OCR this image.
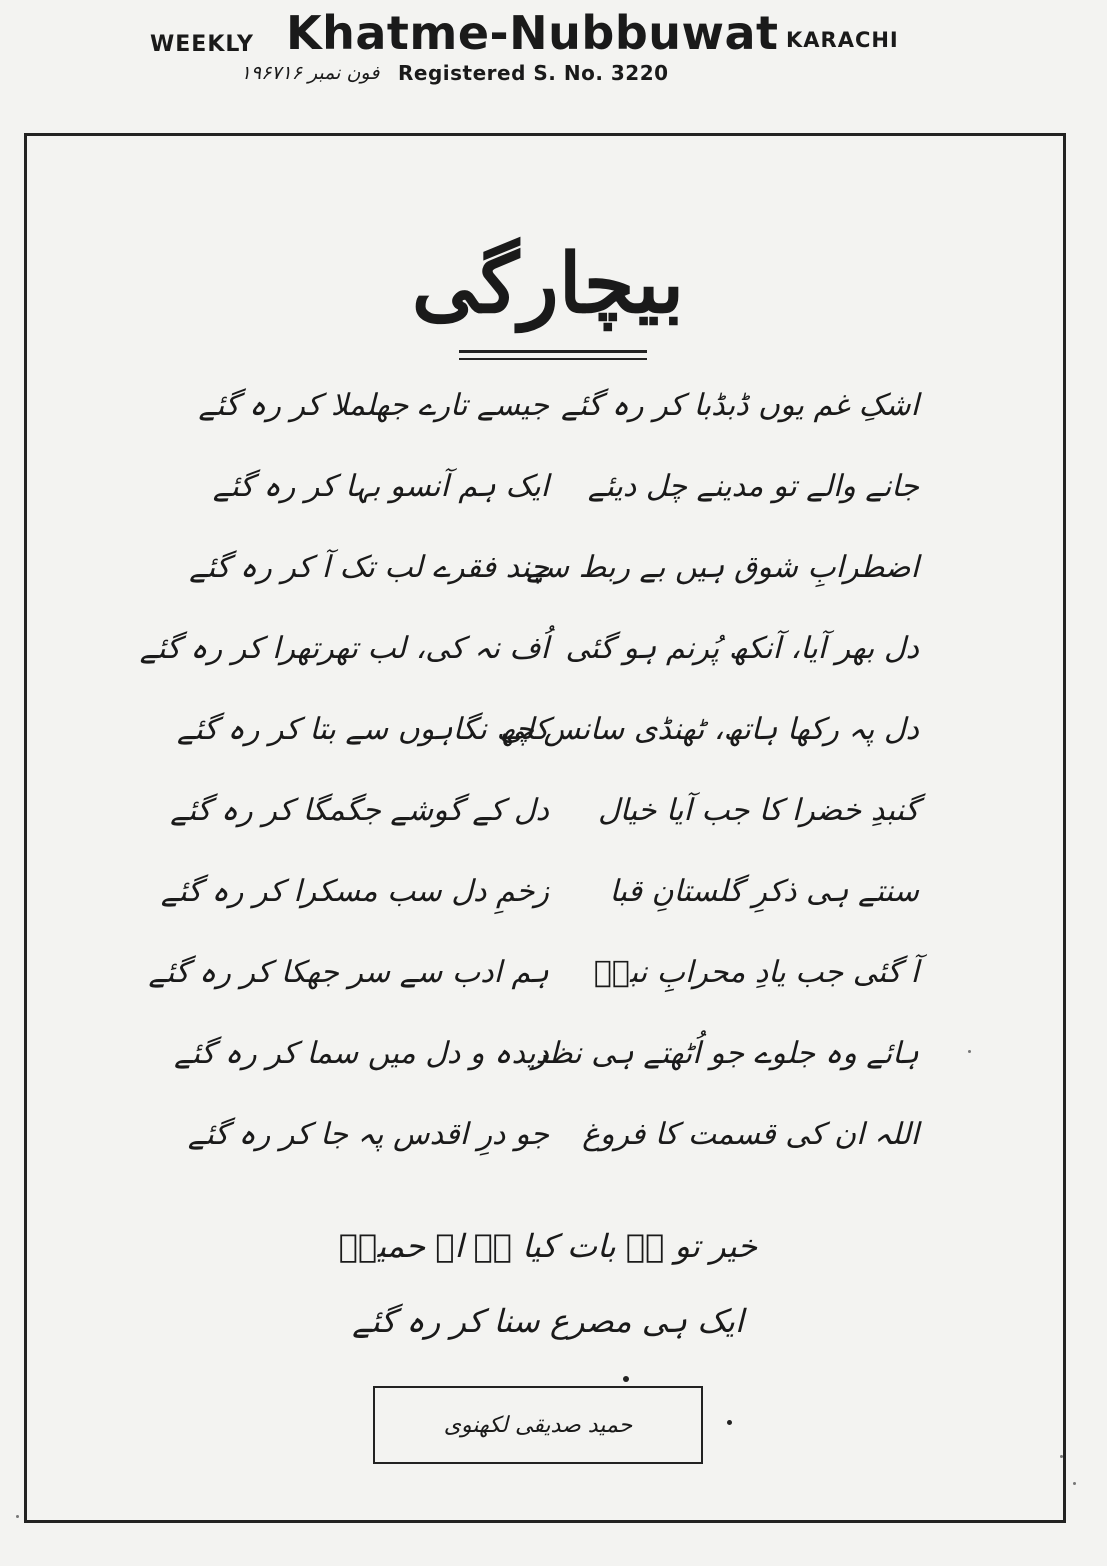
WEEKLY Khatme-Nubbuwat KARACHI
فون نمبر ۱۹۶۷۱۶ Registered S. No. 3220
بیچارگی
اشکِ غم یوں ڈبڈبا کر رہ گئے
جیسے تارے جھلملا کر رہ گئے
جانے والے تو مدینے چل دیئے
ایک ہم آنسو بہا کر رہ گئے
اضطرابِ شوق ہیں بے ربط سے
چند فقرے لب تک آ کر رہ گئے
دل بھر آیا، آنکھ پُرنم ہو گئی
اُف نہ کی، لب تھرتھرا کر رہ گئے
دل پہ رکھا ہاتھ، ٹھنڈی سانس لی
کچھ نگاہوں سے بتا کر رہ گئے
گنبدِ خضرا کا جب آیا خیال
دل کے گوشے جگمگا کر رہ گئے
سنتے ہی ذکرِ گلستانِ قبا
زخمِ دل سب مسکرا کر رہ گئے
آ گئی جب یادِ محرابِ نبیؐ
ہم ادب سے سر جھکا کر رہ گئے
ہائے وہ جلوے جو اُٹھتے ہی نظر
دیدہ و دل میں سما کر رہ گئے
اللہ ان کی قسمت کا فروغ
جو درِ اقدس پہ جا کر رہ گئے
خیر تو ہے بات کیا ہے اے حمیدؔ
ایک ہی مصرع سنا کر رہ گئے
حمید صدیقی لکھنوی
